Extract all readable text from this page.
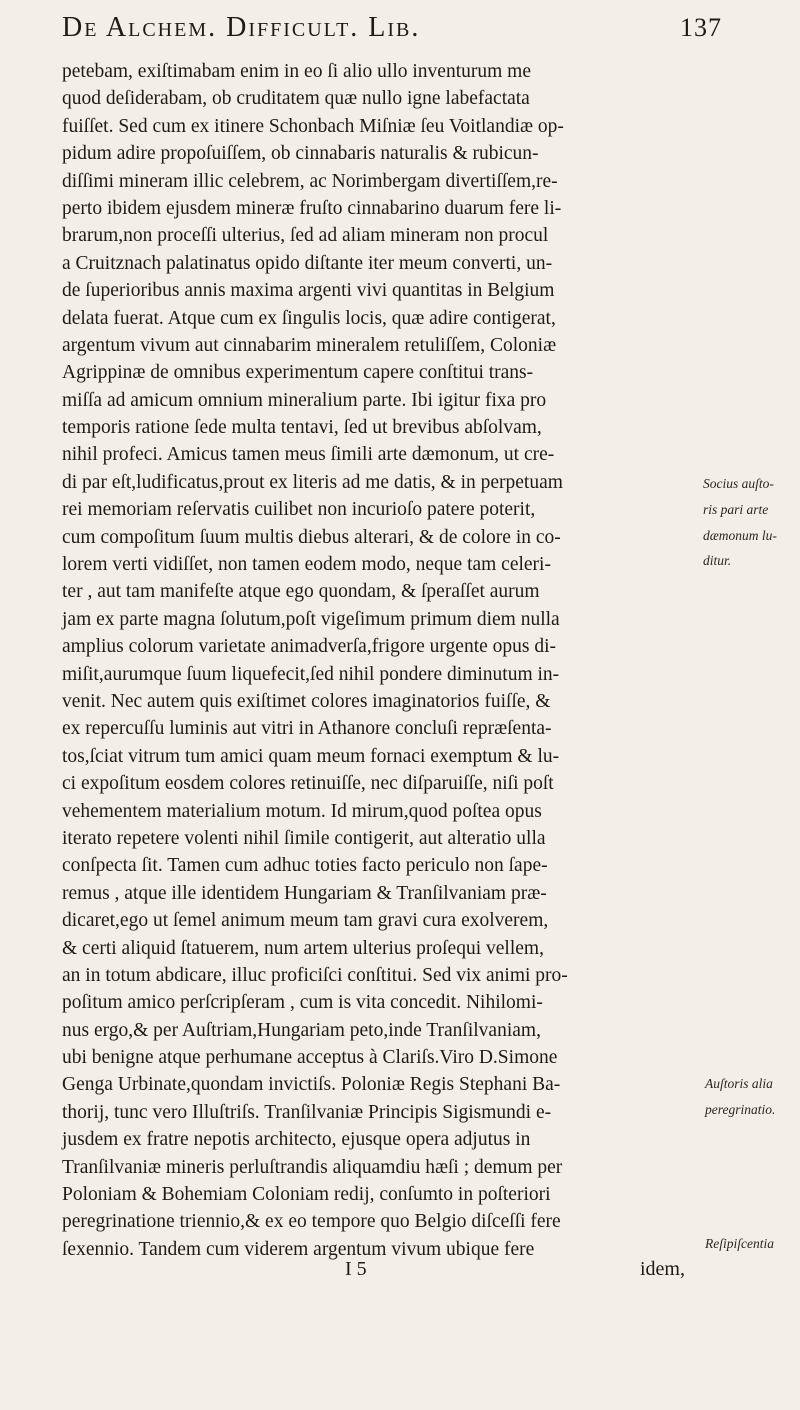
De Alchem. Difficult. Lib.	137
petebam, exiſtimabam enim in eo ſi alio ullo inventurum me
quod deſiderabam, ob cruditatem quæ nullo igne labefactata
fuiſſet. Sed cum ex itinere Schonbach Miſniæ ſeu Voitlandiæ op-
pidum adire propoſuiſſem, ob cinnabaris naturalis & rubicun-
diſſimi mineram illic celebrem, ac Norimbergam divertiſſem,re-
perto ibidem ejusdem mineræ fruſto cinnabarino duarum fere li-
brarum,non proceſſi ulterius, ſed ad aliam mineram non procul
a Cruitznach palatinatus opido diſtante iter meum converti, un-
de ſuperioribus annis maxima argenti vivi quantitas in Belgium
delata fuerat. Atque cum ex ſingulis locis, quæ adire contigerat,
argentum vivum aut cinnabarim mineralem retuliſſem, Coloniæ
Agrippinæ de omnibus experimentum capere conſtitui trans-
miſſa ad amicum omnium mineralium parte. Ibi igitur fixa pro
temporis ratione ſede multa tentavi, ſed ut brevibus abſolvam,
nihil profeci. Amicus tamen meus ſimili arte dæmonum, ut cre-
di par eſt,ludificatus,prout ex literis ad me datis, & in perpetuam
rei memoriam reſervatis cuilibet non incurioſo patere poterit,
cum compoſitum ſuum multis diebus alterari, & de colore in co-
lorem verti vidiſſet, non tamen eodem modo, neque tam celeri-
ter , aut tam manifeſte atque ego quondam, & ſperaſſet aurum
jam ex parte magna ſolutum,poſt vigeſimum primum diem nulla
amplius colorum varietate animadverſa,frigore urgente opus di-
miſit,aurumque ſuum liquefecit,ſed nihil pondere diminutum in-
venit. Nec autem quis exiſtimet colores imaginatorios fuiſſe, &
ex repercuſſu luminis aut vitri in Athanore concluſi repræſenta-
tos,ſciat vitrum tum amici quam meum fornaci exemptum & lu-
ci expoſitum eosdem colores retinuiſſe, nec diſparuiſſe, niſi poſt
vehementem materialium motum. Id mirum,quod poſtea opus
iterato repetere volenti nihil ſimile contigerit, aut alteratio ulla
conſpecta ſit. Tamen cum adhuc toties facto periculo non ſape-
remus , atque ille identidem Hungariam & Tranſilvaniam præ-
dicaret,ego ut ſemel animum meum tam gravi cura exolverem,
& certi aliquid ſtatuerem, num artem ulterius proſequi vellem,
an in totum abdicare, illuc proficiſci conſtitui. Sed vix animi pro-
poſitum amico perſcripſeram , cum is vita concedit. Nihilomi-
nus ergo,& per Auſtriam,Hungariam peto,inde Tranſilvaniam,
ubi benigne atque perhumane acceptus à Clariſs.Viro D.Simone
Genga Urbinate,quondam invictiſs. Poloniæ Regis Stephani Ba-
thorij, tunc vero Illuſtriſs. Tranſilvaniæ Principis Sigismundi e-
jusdem ex fratre nepotis architecto, ejusque opera adjutus in
Tranſilvaniæ mineris perluſtrandis aliquamdiu hæſi ; demum per
Poloniam & Bohemiam Coloniam redij, conſumto in poſteriori
peregrinatione triennio,& ex eo tempore quo Belgio diſceſſi fere
ſexennio. Tandem cum viderem argentum vivum ubique fere
Socius auſto-
ris pari arte
dæmonum lu-
ditur.
Auſtoris alia
peregrinatio.
Reſipiſcentia
I 5	idem,
